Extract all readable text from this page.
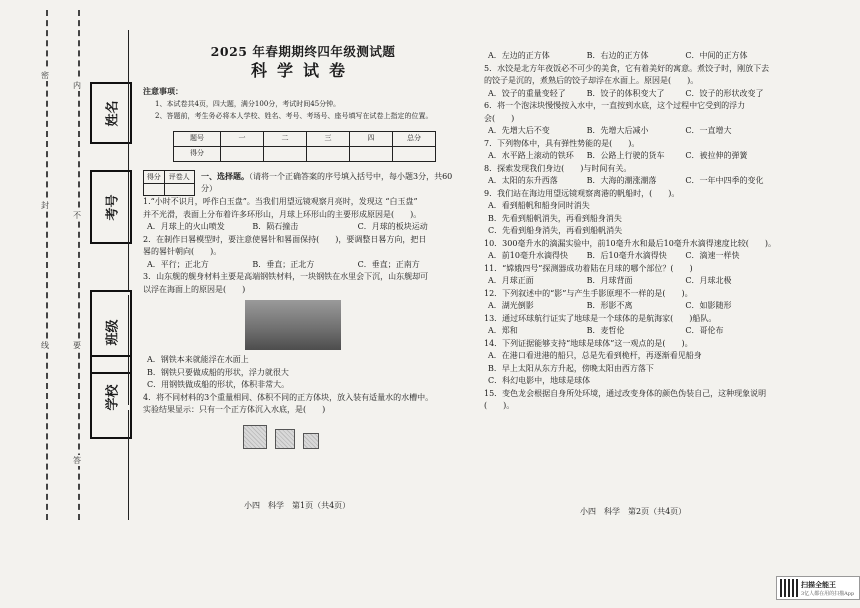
密
封
线
内
不
要
答
姓名
考号
班级
学校
2025 年春期期终四年级测试题
科学试卷
注意事项：
1、本试卷共4页，四大题，满分100分，考试时间45分钟。
2、答题前，考生务必将本人学校、姓名、考号、考场号、座号填写在试卷上指定的位置。
题号	一	二	三	四	总分
得分					
得分	评卷人
		一、选择题。（请将一个正确答案的序号填入括号中，每小题3分，共60分）
1.“小时不识月，呼作白玉盘”。当我们用望远镜观察月亮时，发现这 “白玉盘”
并不光滑，表面上分布着许多环形山，月球上环形山的主要形成原因是(　　)。
A．月球上的火山喷发	B．陨石撞击	C．月球的板块运动
2．在制作日晷模型时，要注意使晷针和晷面保持(　　)，要调整日晷方向，把日
晷的晷针朝向(　　)。
A．平行；正北方	B．垂直；正北方	C．垂直；正南方
3．山东舰的舰身材料主要是高端钢铁材料，一块钢铁在水里会下沉，山东舰却可
以浮在海面上的原因是(　　)
A．钢铁本来就能浮在水面上
B．钢铁只要做成船的形状，浮力就很大
C．用钢铁做成船的形状，体积非常大。
4．将不同材料的3个重量相同、体积不同的正方体块，放入装有适量水的水槽中。
实验结果显示：只有一个正方体沉入水底，是(　　)
A．左边的正方体	B．右边的正方体	C．中间的正方体
5．水饺是北方年夜饭必不可少的美食，它有着美好的寓意。煮饺子时，刚放下去
的饺子是沉的，煮熟后的饺子却浮在水面上。原因是(　　)。
A．饺子的重量变轻了	B．饺子的体积变大了	C．饺子的形状改变了
6．将一个泡沫块慢慢按入水中，一直按到水底，这个过程中它受到的浮力
会(　　)
A．先增大后不变	B．先增大后减小	C．一直增大
7．下列物体中，具有弹性势能的是(　　)。
A．水平路上滚动的铁环	B．公路上行驶的货车	C．被拉伸的弹簧
8．探索发现我们身边(　　)与时间有关。
A．太阳的东升西落	B．大海的潮涨潮落	C．一年中四季的变化
9．我们站在海边用望远镜观察离港的帆船时，(　　)。
A．看到船帆和船身同时消失
B．先看到船帆消失，再看到船身消失
C．先看到船身消失，再看到船帆消失
10．300毫升水的滴漏实验中，前10毫升水和最后10毫升水滴得速度比较(　　)。
A．前10毫升水滴得快	B．后10毫升水滴得快	C．滴速一样快
11．“嫦娥四号”探测器成功着陆在月球的哪个部位？(　　)
A．月球正面	B．月球背面	C．月球北极
12．下列叙述中的“影”与产生手影原理不一样的是(　　)。
A．湖光倒影	B．形影不离	C．如影随形
13．通过环球航行证实了地球是一个球体的是航海家(　　)船队。
A．郑和	B．麦哲伦	C．哥伦布
14．下列证据能够支持“地球是球体”这一观点的是(　　)。
A．在港口看进港的船只，总是先看到桅杆，再逐渐看见船身
B．早上太阳从东方升起，傍晚太阳由西方落下
C．科幻电影中，地球是球体
15．变色龙会根据自身所处环境，通过改变身体的颜色伪装自己，这种现象说明
(　　)。
小四　科学　第1页（共4页）
小四　科学　第2页（共4页）
扫描全能王
3亿人都在用的扫描App
